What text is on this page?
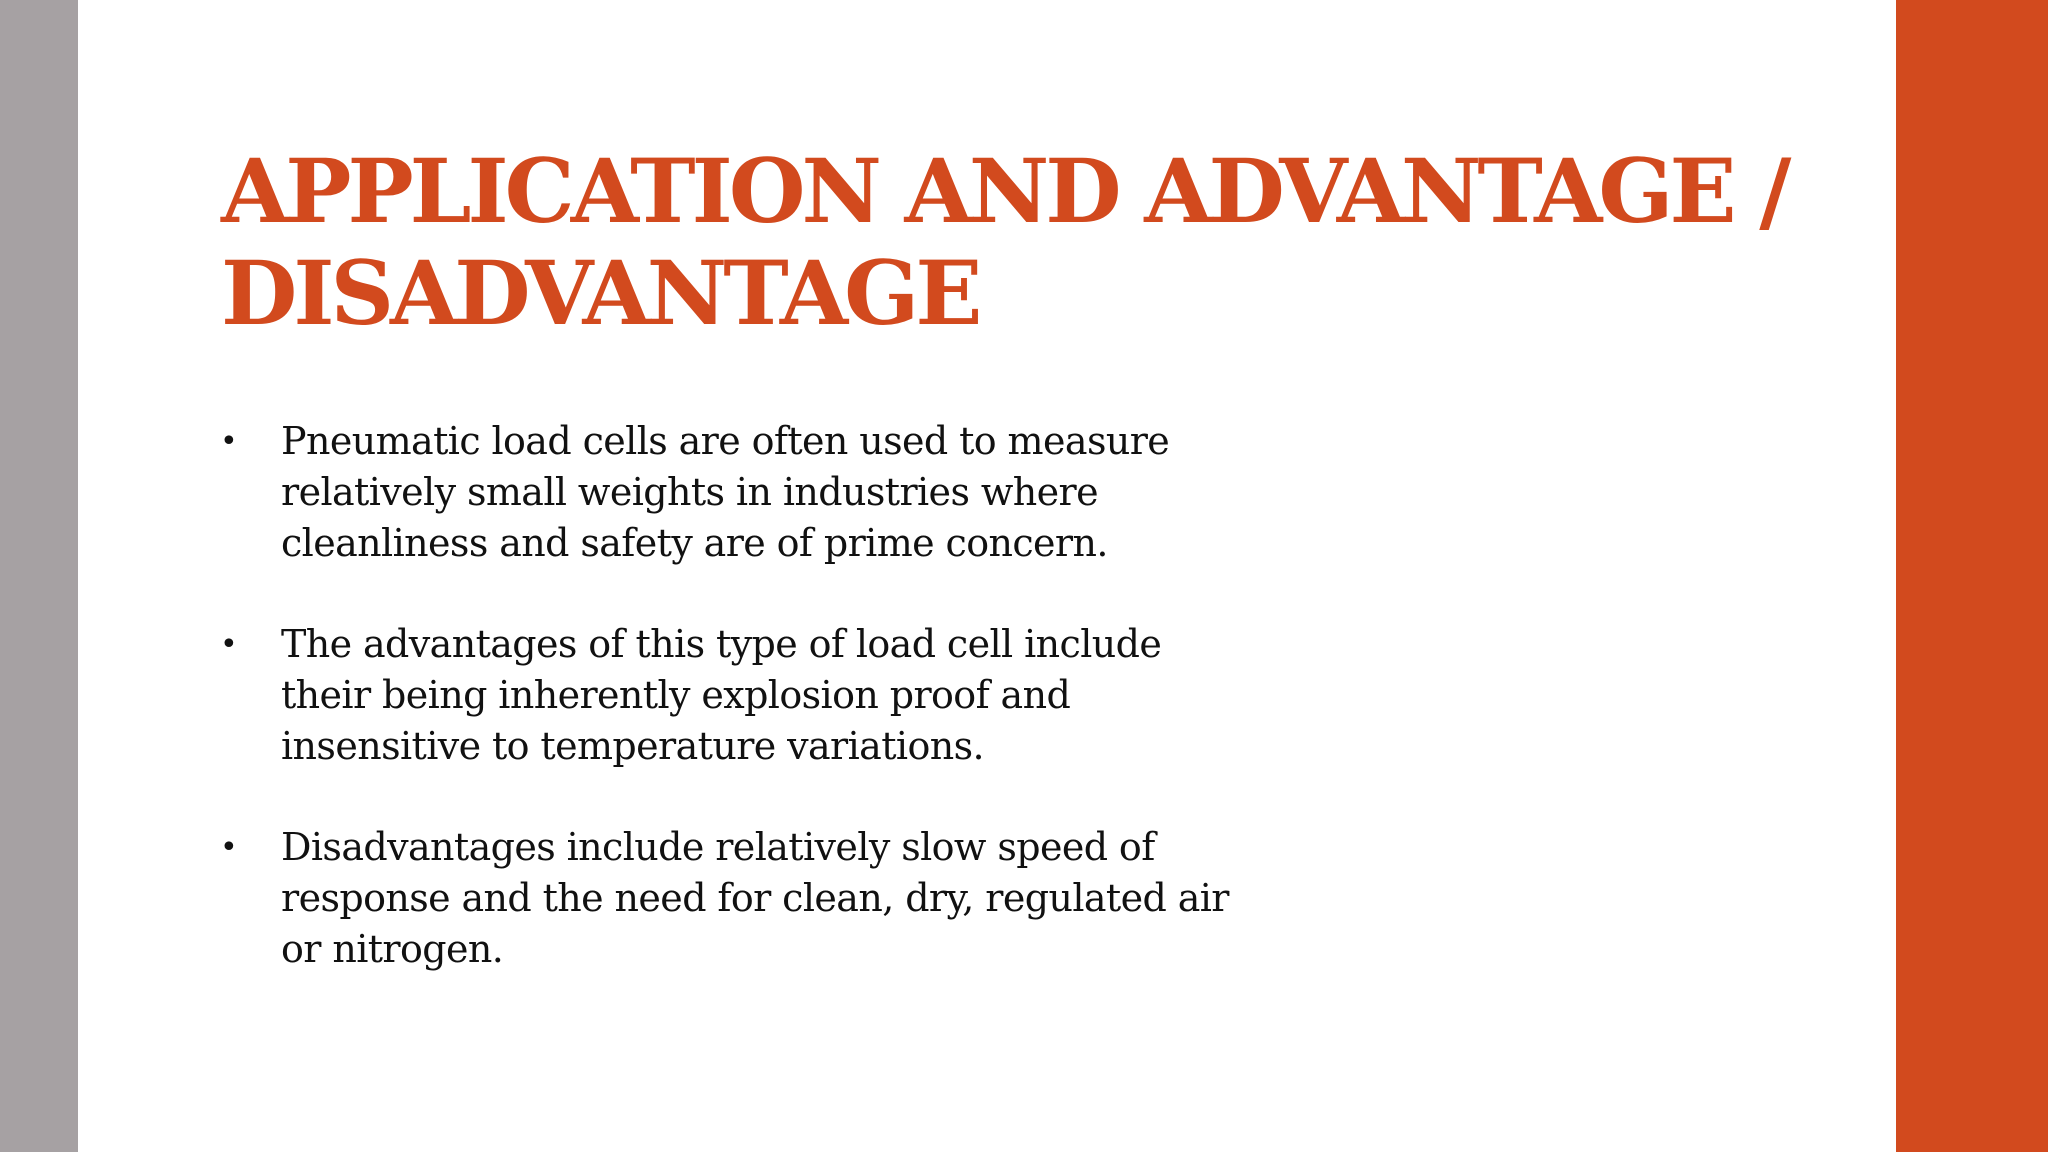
APPLICATION AND ADVANTAGE / DISADVANTAGE
• Pneumatic load cells are often used to measure relatively small weights in industries where cleanliness and safety are of prime concern.
• The advantages of this type of load cell include their being inherently explosion proof and insensitive to temperature variations.
• Disadvantages include relatively slow speed of response and the need for clean, dry, regulated air or nitrogen.
